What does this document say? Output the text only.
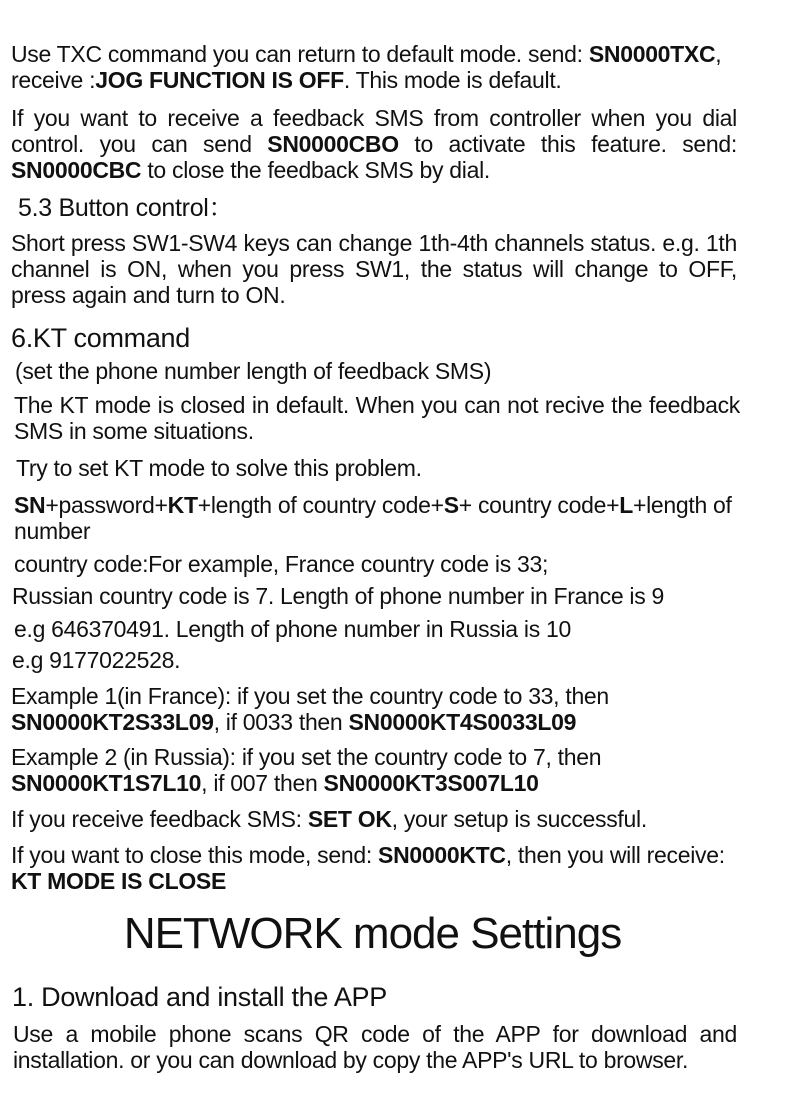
Use TXC command you can return to default mode. send: SN0000TXC, receive :JOG FUNCTION IS OFF. This mode is default.

If you want to receive a feedback SMS from controller when you dial control. you can send SN0000CBO to activate this feature. send: SN0000CBC to close the feedback SMS by dial.

5.3 Button control：

Short press SW1-SW4 keys can change 1th-4th channels status. e.g. 1th channel is ON, when you press SW1, the status will change to OFF, press again and turn to ON.

6.KT command

(set the phone number length of feedback SMS)

The KT mode is closed in default. When you can not recive the feedback SMS in some situations.

Try to set KT mode to solve this problem.

SN+password+KT+length of country code+S+ country code+L+length of number

country code:For example, France country code is 33;

Russian country code is 7. Length of phone number in France is 9

e.g 646370491. Length of phone number in Russia is 10

e.g 9177022528.

Example 1(in France): if you set the country code to 33, then
SN0000KT2S33L09, if 0033 then SN0000KT4S0033L09

Example 2 (in Russia): if you set the country code to 7, then
SN0000KT1S7L10, if 007 then SN0000KT3S007L10

If you receive feedback SMS: SET OK, your setup is successful.

If you want to close this mode, send: SN0000KTC, then you will receive: KT MODE IS CLOSE

NETWORK mode Settings
1. Download and install the APP

Use a mobile phone scans QR code of the APP for download and installation. or you can download by copy the APP's URL to browser.
